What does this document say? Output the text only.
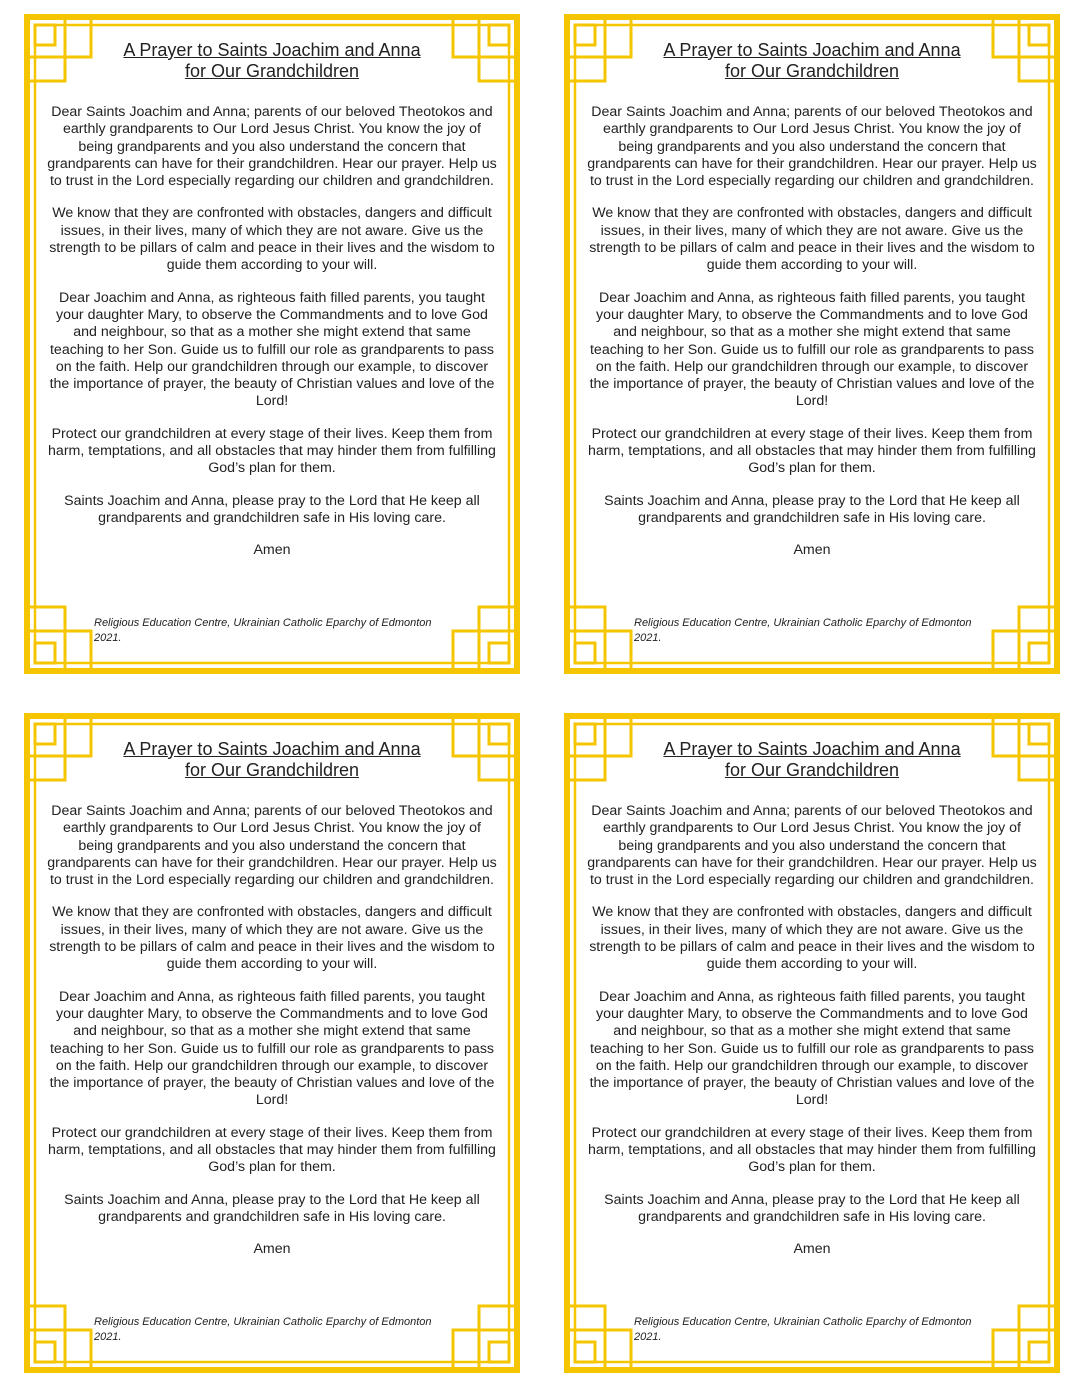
A Prayer to Saints Joachim and Anna
for Our Grandchildren

Dear Saints Joachim and Anna; parents of our beloved Theotokos and earthly grandparents to Our Lord Jesus Christ. You know the joy of being grandparents and you also understand the concern that grandparents can have for their grandchildren. Hear our prayer. Help us to trust in the Lord especially regarding our children and grandchildren.

We know that they are confronted with obstacles, dangers and difficult issues, in their lives, many of which they are not aware. Give us the strength to be pillars of calm and peace in their lives and the wisdom to guide them according to your will.

Dear Joachim and Anna, as righteous faith filled parents, you taught your daughter Mary, to observe the Commandments and to love God and neighbour, so that as a mother she might extend that same teaching to her Son. Guide us to fulfill our role as grandparents to pass on the faith. Help our grandchildren through our example, to discover the importance of prayer, the beauty of Christian values and love of the Lord!

Protect our grandchildren at every stage of their lives. Keep them from harm, temptations, and all obstacles that may hinder them from fulfilling God’s plan for them.

Saints Joachim and Anna, please pray to the Lord that He keep all grandparents and grandchildren safe in His loving care.

Amen

Religious Education Centre, Ukrainian Catholic Eparchy of Edmonton 2021.

A Prayer to Saints Joachim and Anna
for Our Grandchildren

Dear Saints Joachim and Anna; parents of our beloved Theotokos and earthly grandparents to Our Lord Jesus Christ. You know the joy of being grandparents and you also understand the concern that grandparents can have for their grandchildren. Hear our prayer. Help us to trust in the Lord especially regarding our children and grandchildren.

We know that they are confronted with obstacles, dangers and difficult issues, in their lives, many of which they are not aware. Give us the strength to be pillars of calm and peace in their lives and the wisdom to guide them according to your will.

Dear Joachim and Anna, as righteous faith filled parents, you taught your daughter Mary, to observe the Commandments and to love God and neighbour, so that as a mother she might extend that same teaching to her Son. Guide us to fulfill our role as grandparents to pass on the faith. Help our grandchildren through our example, to discover the importance of prayer, the beauty of Christian values and love of the Lord!

Protect our grandchildren at every stage of their lives. Keep them from harm, temptations, and all obstacles that may hinder them from fulfilling God’s plan for them.

Saints Joachim and Anna, please pray to the Lord that He keep all grandparents and grandchildren safe in His loving care.

Amen

Religious Education Centre, Ukrainian Catholic Eparchy of Edmonton 2021.

A Prayer to Saints Joachim and Anna
for Our Grandchildren

Dear Saints Joachim and Anna; parents of our beloved Theotokos and earthly grandparents to Our Lord Jesus Christ. You know the joy of being grandparents and you also understand the concern that grandparents can have for their grandchildren. Hear our prayer. Help us to trust in the Lord especially regarding our children and grandchildren.

We know that they are confronted with obstacles, dangers and difficult issues, in their lives, many of which they are not aware. Give us the strength to be pillars of calm and peace in their lives and the wisdom to guide them according to your will.

Dear Joachim and Anna, as righteous faith filled parents, you taught your daughter Mary, to observe the Commandments and to love God and neighbour, so that as a mother she might extend that same teaching to her Son. Guide us to fulfill our role as grandparents to pass on the faith. Help our grandchildren through our example, to discover the importance of prayer, the beauty of Christian values and love of the Lord!

Protect our grandchildren at every stage of their lives. Keep them from harm, temptations, and all obstacles that may hinder them from fulfilling God’s plan for them.

Saints Joachim and Anna, please pray to the Lord that He keep all grandparents and grandchildren safe in His loving care.

Amen

Religious Education Centre, Ukrainian Catholic Eparchy of Edmonton 2021.

A Prayer to Saints Joachim and Anna
for Our Grandchildren

Dear Saints Joachim and Anna; parents of our beloved Theotokos and earthly grandparents to Our Lord Jesus Christ. You know the joy of being grandparents and you also understand the concern that grandparents can have for their grandchildren. Hear our prayer. Help us to trust in the Lord especially regarding our children and grandchildren.

We know that they are confronted with obstacles, dangers and difficult issues, in their lives, many of which they are not aware. Give us the strength to be pillars of calm and peace in their lives and the wisdom to guide them according to your will.

Dear Joachim and Anna, as righteous faith filled parents, you taught your daughter Mary, to observe the Commandments and to love God and neighbour, so that as a mother she might extend that same teaching to her Son. Guide us to fulfill our role as grandparents to pass on the faith. Help our grandchildren through our example, to discover the importance of prayer, the beauty of Christian values and love of the Lord!

Protect our grandchildren at every stage of their lives. Keep them from harm, temptations, and all obstacles that may hinder them from fulfilling God’s plan for them.

Saints Joachim and Anna, please pray to the Lord that He keep all grandparents and grandchildren safe in His loving care.

Amen

Religious Education Centre, Ukrainian Catholic Eparchy of Edmonton 2021.
